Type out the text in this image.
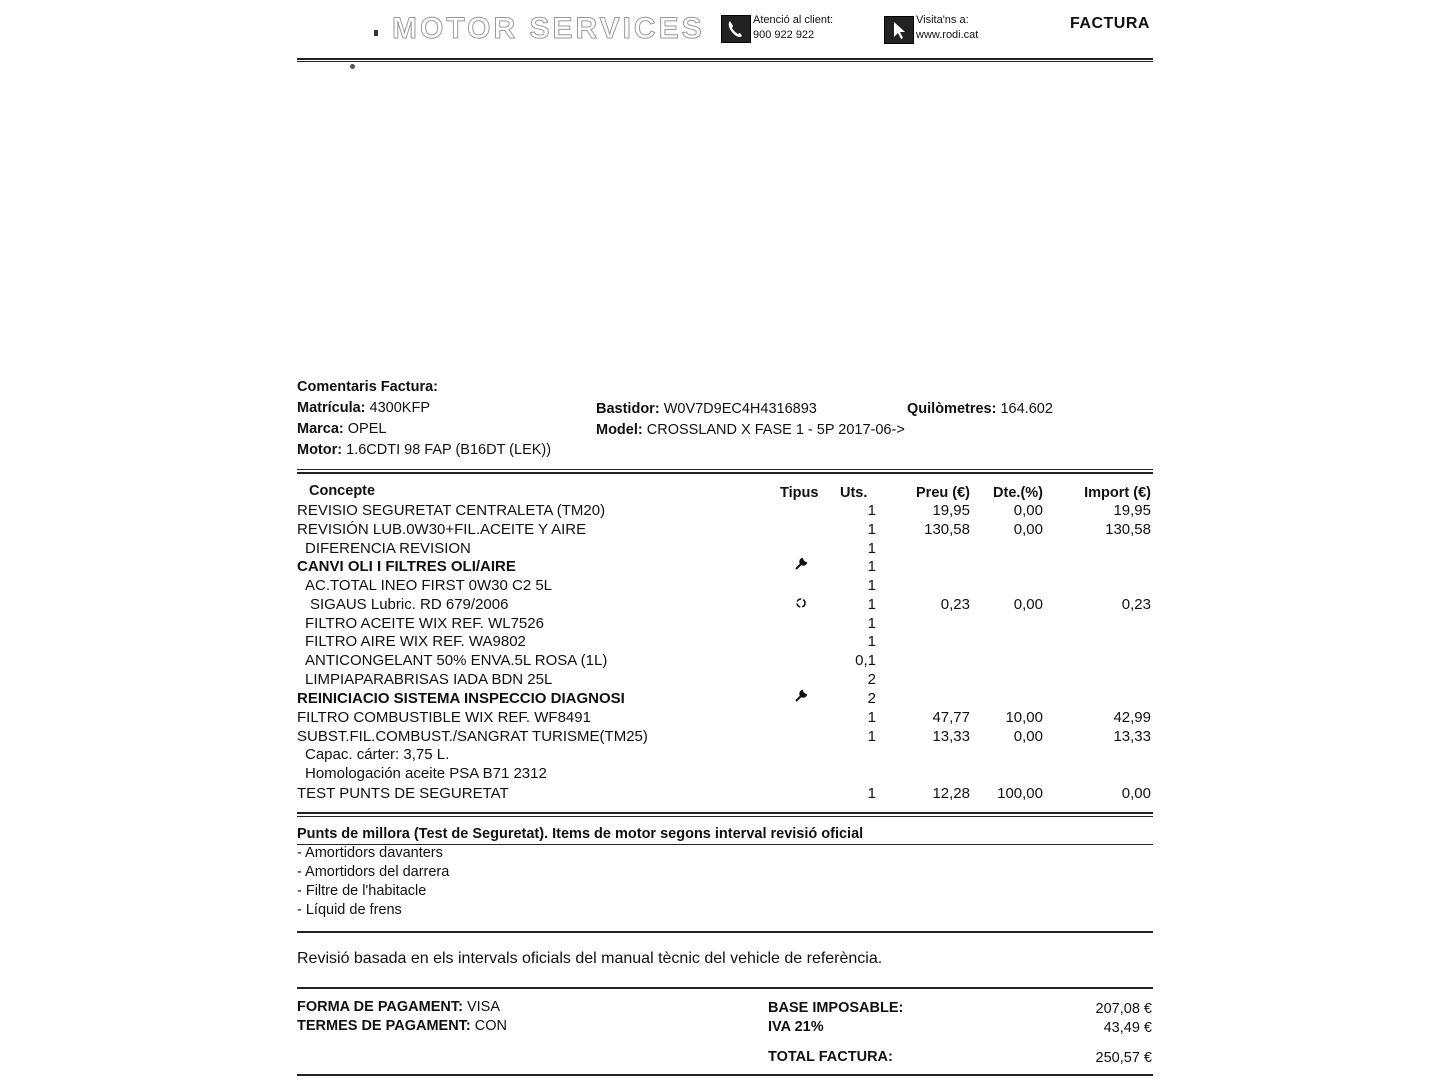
MOTOR SERVICES	Atenció al client:
900 922 922
Visita'ns a:
www.rodi.cat
FACTURA
Comentaris Factura:
Matrícula: 4300KFP
Marca: OPEL
Motor: 1.6CDTI 98 FAP (B16DT (LEK))
Bastidor: W0V7D9EC4H4316893
Model: CROSSLAND X FASE 1 - 5P 2017-06->
Quilòmetres: 164.602
Concepte	Tipus Uts.	Preu (€)	Dte.(%)	Import (€)
REVISIO SEGURETAT CENTRALETA (TM20)	1	19,95	0,00	19,95
REVISIÓN LUB.0W30+FIL.ACEITE Y AIRE	1	130,58	0,00	130,58
DIFERENCIA REVISION	1
CANVI OLI I FILTRES OLI/AIRE	1
AC.TOTAL INEO FIRST 0W30 C2 5L	1
SIGAUS Lubric. RD 679/2006	1	0,23	0,00	0,23
FILTRO ACEITE WIX REF. WL7526	1
FILTRO AIRE WIX REF. WA9802	1
ANTICONGELANT 50% ENVA.5L ROSA (1L)	0,1
LIMPIAPARABRISAS IADA BDN 25L	2
REINICIACIO SISTEMA INSPECCIO DIAGNOSI	2
FILTRO COMBUSTIBLE WIX REF. WF8491	1	47,77	10,00	42,99
SUBST.FIL.COMBUST./SANGRAT TURISME(TM25)	1	13,33	0,00	13,33
Capac. cárter: 3,75 L.
Homologación aceite PSA B71 2312
TEST PUNTS DE SEGURETAT	1	12,28	100,00	0,00
Punts de millora (Test de Seguretat). Items de motor segons interval revisió oficial
- Amortidors davanters
- Amortidors del darrera
- Filtre de l'habitacle
- Líquid de frens
Revisió basada en els intervals oficials del manual tècnic del vehicle de referència.
FORMA DE PAGAMENT: VISA
TERMES DE PAGAMENT: CON
BASE IMPOSABLE:	207,08 €
IVA 21%	43,49 €
TOTAL FACTURA:	250,57 €
